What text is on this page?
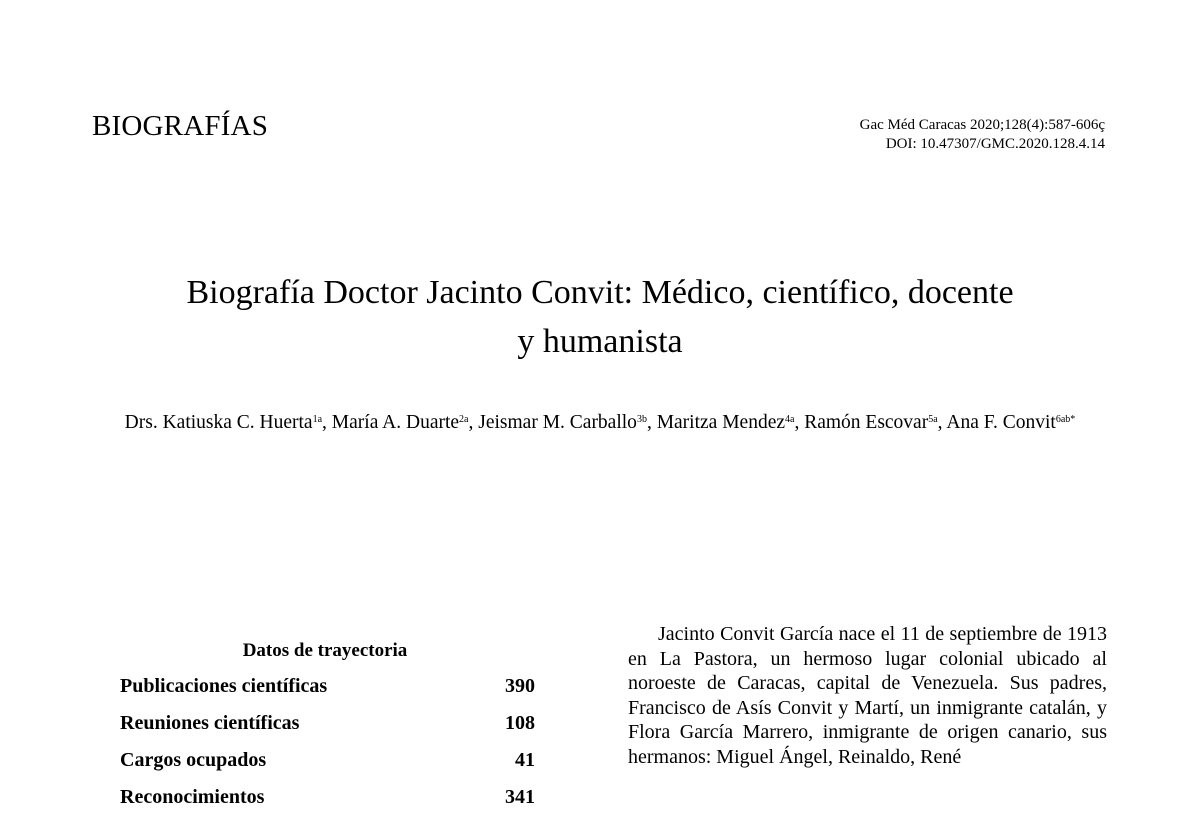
BIOGRAFÍAS	Gac Méd Caracas 2020;128(4):587-606ç
DOI: 10.47307/GMC.2020.128.4.14
Biografía Doctor Jacinto Convit: Médico, científico, docente
y humanista
Drs. Katiuska C. Huerta$^{1a}$, María A. Duarte$^{2a}$, Jeismar M. Carballo$^{3b}$, Maritza Mendez$^{4a}$, Ramón Escovar$^{5a}$, Ana F. Convit$^{6ab*}$
Datos de trayectoria
Publicaciones científicas	390
Reuniones científicas	108
Cargos ocupados	41
Reconocimientos	341

Jacinto Convit García nace el 11 de septiembre de 1913 en La Pastora, un hermoso lugar colonial ubicado al noroeste de Caracas, capital de Venezuela. Sus padres, Francisco de Asís Convit y Martí, un inmigrante catalán, y Flora García Marrero, inmigrante de origen canario, sus hermanos: Miguel Ángel, Reinaldo, René
